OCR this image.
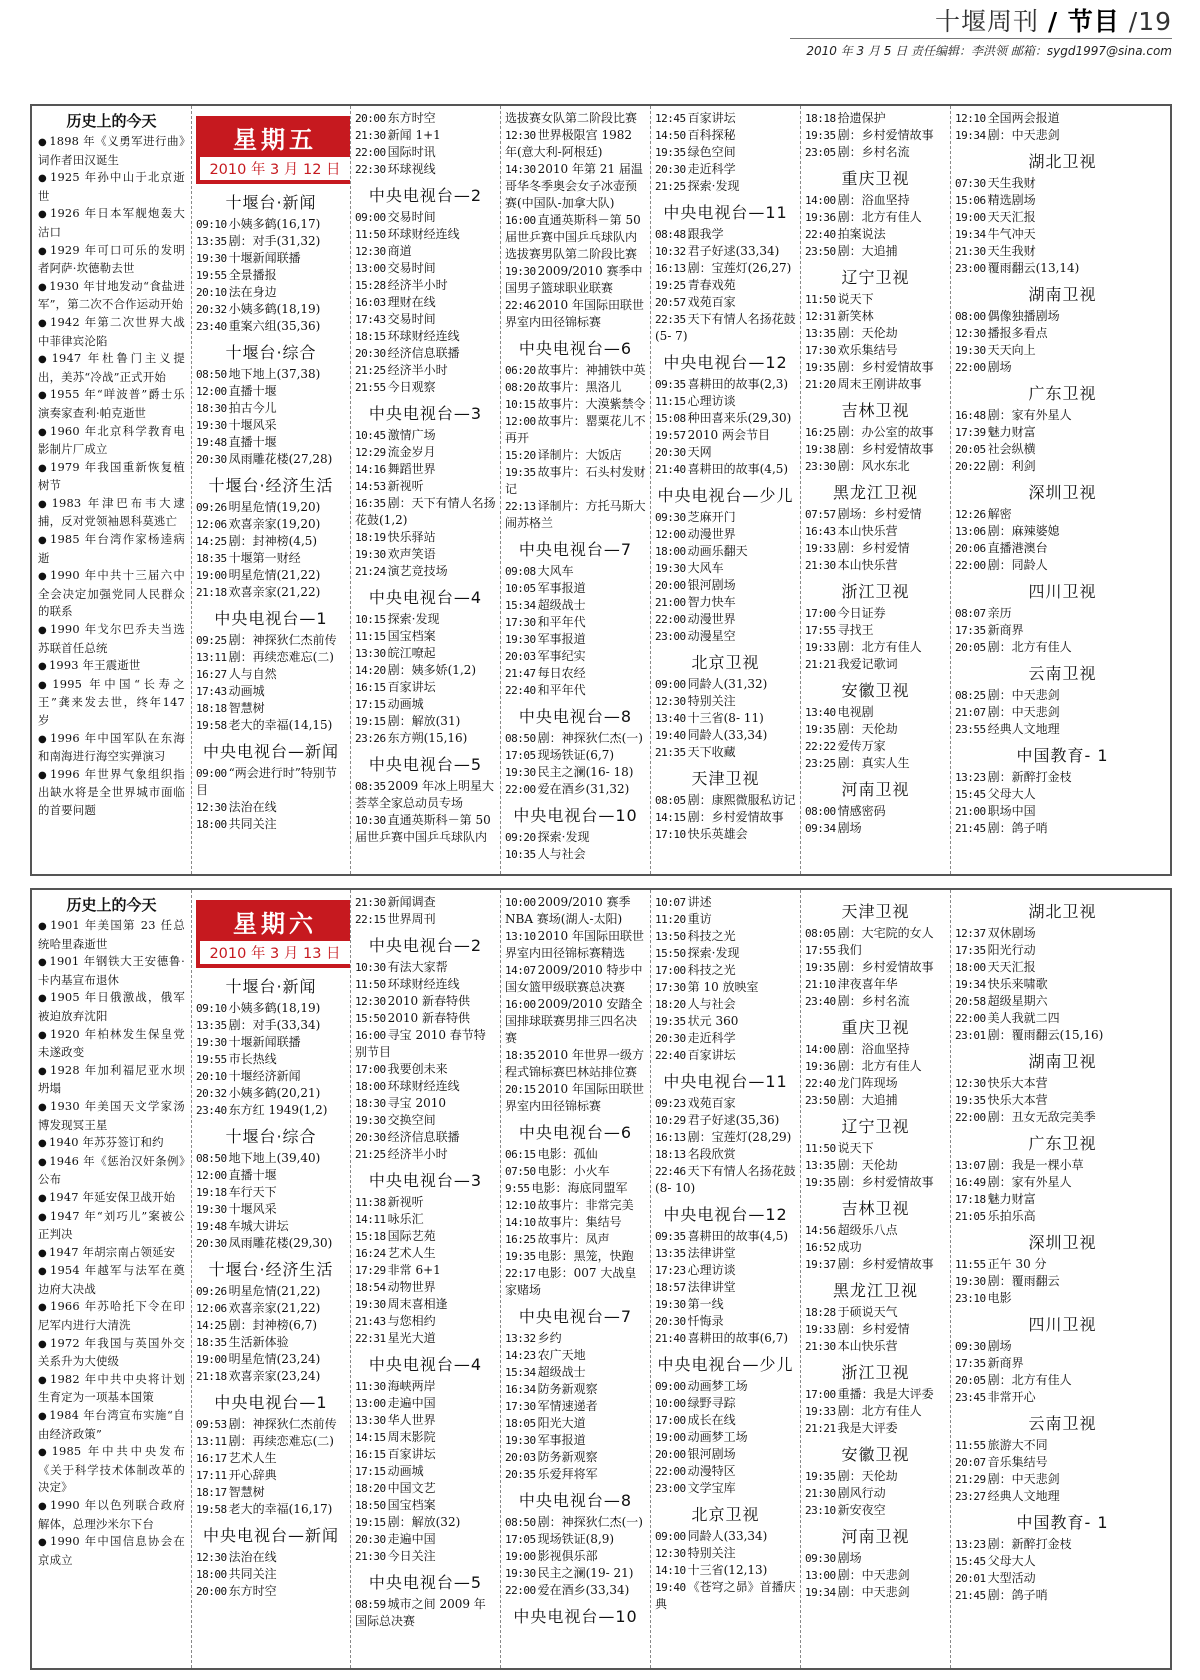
十堰周刊 / 节目 /19
2010 年 3 月 5 日 责任编辑：李洪领 邮箱：sygd1997@sina.com
历史上的今天
● 1898 年《义勇军进行曲》词作者田汉诞生
● 1925 年孙中山于北京逝世
● 1926 年日本军舰炮轰大沽口
● 1929 年可口可乐的发明者阿萨·坎德勒去世
● 1930 年甘地发动“食盐进军”，第二次不合作运动开始
● 1942 年第二次世界大战中菲律宾沦陷
● 1947 年杜鲁门主义提出，美苏“冷战”正式开始
● 1955 年“咩波普”爵士乐演奏家查利·帕克逝世
● 1960 年北京科学教育电影制片厂成立
● 1979 年我国重新恢复植树节
● 1983 年津巴布韦大逮捕，反对党领袖恩科莫逃亡
● 1985 年台湾作家杨逵病逝
● 1990 年中共十三届六中全会决定加强党同人民群众的联系
● 1990 年戈尔巴乔夫当选苏联首任总统
● 1993 年王震逝世
● 1995 年中国“长寿之王”龚来发去世，终年147 岁
● 1996 年中国军队在东海和南海进行海空实弹演习
● 1996 年世界气象组织指出缺水将是全世界城市面临的首要问题
星期五
2010 年 3 月 12 日
十堰台·新闻
09:10 小姨多鹤(16,17)
13:35 剧：对手(31,32)
19:30 十堰新闻联播
19:55 全景播报
20:10 法在身边
20:32 小姨多鹤(18,19)
23:40 重案六组(35,36)
十堰台·综合
08:50 地下地上(37,38)
12:00 直播十堰
18:30 拍古今儿
19:30 十堰风采
19:48 直播十堰
20:30 凤雨雕花楼(27,28)
十堰台·经济生活
09:26 明星危情(19,20)
12:06 欢喜亲家(19,20)
14:25 剧：封神榜(4,5)
18:35 十堰第一财经
19:00 明星危情(21,22)
21:18 欢喜亲家(21,22)
中央电视台—1
09:25 剧：神探狄仁杰前传
13:11 剧：再续恋难忘(二)
16:27 人与自然
17:43 动画城
18:18 智慧树
19:58 老大的幸福(14,15)
中央电视台—新闻
09:00 “两会进行时”特别节目
12:30 法治在线
18:00 共同关注
20:00 东方时空
21:30 新闻 1+1
22:00 国际时讯
22:30 环球视线
中央电视台—2
09:00 交易时间
11:50 环球财经连线
12:30 商道
13:00 交易时间
15:28 经济半小时
16:03 理财在线
17:43 交易时间
18:15 环球财经连线
20:30 经济信息联播
21:25 经济半小时
21:55 今日观察
中央电视台—3
10:45 激情广场
12:29 流金岁月
14:16 舞蹈世界
14:53 新视听
16:35 剧：天下有情人名扬花鼓(1,2)
18:19 快乐驿站
19:30 欢声笑语
21:24 演艺竞技场
中央电视台—4
10:15 探索·发现
11:15 国宝档案
13:30 皖江嘹起
14:20 剧：姨多娇(1,2)
16:15 百家讲坛
17:15 动画城
19:15 剧：解放(31)
23:26 东方朔(15,16)
中央电视台—5
08:35 2009 年冰上明星大荟萃全家总动员专场
10:30 直通英斯科－第 50 届世乒赛中国乒乓球队内
选拔赛女队第二阶段比赛
12:30 世界极限宫 1982 年(意大利-阿根廷)
14:30 2010 年第 21 届温哥华冬季奥会女子冰壶预赛(中国队-加拿大队)
16:00 直通英斯科－第 50 届世乒赛中国乒乓球队内选拔赛男队第二阶段比赛
19:30 2009/2010 赛季中国男子篮球职业联赛
22:46 2010 年国际田联世界室内田径锦标赛
中央电视台—6
06:20 故事片：神捕铁中英
08:20 故事片：黑洛儿
10:15 故事片：大漠紫禁令
12:00 故事片：罂粟花儿不再开
15:20 译制片：大饭店
19:35 故事片：石头村发财记
22:13 译制片：方托马斯大闹苏格兰
中央电视台—7
09:08 大风车
10:05 军事报道
15:34 超级战士
17:30 和平年代
19:30 军事报道
20:03 军事纪实
21:47 每日农经
22:40 和平年代
中央电视台—8
08:50 剧：神探狄仁杰(一)
17:05 现场铁证(6,7)
19:30 民主之澜(16- 18)
22:00 爱在酒乡(31,32)
中央电视台—10
09:20 探索·发现
10:35 人与社会
12:45 百家讲坛
14:50 百科探秘
19:35 绿色空间
20:30 走近科学
21:25 探索·发现
中央电视台—11
08:48 跟我学
10:32 君子好逑(33,34)
16:13 剧：宝莲灯(26,27)
19:25 青春戏苑
20:57 戏苑百家
22:35 天下有情人名扬花鼓(5- 7)
中央电视台—12
09:35 喜耕田的故事(2,3)
11:15 心理访谈
15:08 种田喜来乐(29,30)
19:57 2010 两会节目
20:30 天网
21:40 喜耕田的故事(4,5)
中央电视台—少儿
09:30 芝麻开门
12:00 动漫世界
18:00 动画乐翻天
19:30 大风车
20:00 银河剧场
21:00 智力快车
22:00 动漫世界
23:00 动漫星空
北京卫视
09:00 同龄人(31,32)
12:30 特别关注
13:40 十三省(8- 11)
19:40 同龄人(33,34)
21:35 天下收藏
天津卫视
08:05 剧：康熙微服私访记
14:15 剧：乡村爱情故事
17:10 快乐英雄会
18:18 拾遗保护
19:35 剧：乡村爱情故事
23:05 剧：乡村名流
重庆卫视
14:00 剧：浴血坚持
19:36 剧：北方有佳人
22:40 拍案说法
23:50 剧：大追捕
辽宁卫视
11:50 说天下
12:31 新笑林
13:35 剧：天伦劫
17:30 欢乐集结号
19:35 剧：乡村爱情故事
21:20 周末王刚讲故事
吉林卫视
16:25 剧：办公室的故事
19:38 剧：乡村爱情故事
23:30 剧：风水东北
黑龙江卫视
07:57 剧场：乡村爱情
16:43 本山快乐营
19:33 剧：乡村爱情
21:30 本山快乐营
浙江卫视
17:00 今日证券
17:55 寻找王
19:33 剧：北方有佳人
21:21 我爱记歌词
安徽卫视
13:40 电视剧
19:35 剧：天伦劫
22:22 爱传万家
23:25 剧：真实人生
河南卫视
08:00 情感密码
09:34 剧场
12:10 全国两会报道
19:34 剧：中天悲剑
湖北卫视
07:30 天生我财
15:06 精选剧场
19:00 天天汇报
19:34 牛气冲天
21:30 天生我财
23:00 覆雨翻云(13,14)
湖南卫视
08:00 偶像独播剧场
12:30 播报多看点
19:30 天天向上
22:00 剧场
广东卫视
16:48 剧：家有外星人
17:39 魅力财富
20:05 社会纵横
20:22 剧：利剑
深圳卫视
12:26 解密
13:06 剧：麻辣婆媳
20:06 直播港澳台
22:00 剧：同龄人
四川卫视
08:07 亲历
17:35 新商界
20:05 剧：北方有佳人
云南卫视
08:25 剧：中天悲剑
21:07 剧：中天悲剑
23:55 经典人文地理
中国教育- 1
13:23 剧：新醉打金枝
15:45 父母大人
21:00 职场中国
21:45 剧：鸽子哨
历史上的今天
● 1901 年美国第 23 任总统哈里森逝世
● 1901 年钢铁大王安德鲁·卡内基宣布退休
● 1905 年日俄激战，俄军被迫放弃沈阳
● 1920 年柏林发生保皇党未遂政变
● 1928 年加利福尼亚水坝坍塌
● 1930 年美国天文学家汤博发现冥王星
● 1940 年苏芬签订和约
● 1946 年《惩治汉奸条例》公布
● 1947 年延安保卫战开始
● 1947 年“刘巧儿”案被公正判决
● 1947 年胡宗南占领延安
● 1954 年越军与法军在奠边府大决战
● 1966 年苏哈托下令在印尼军内进行大清洗
● 1972 年我国与英国外交关系升为大使级
● 1982 年中共中央将计划生育定为一项基本国策
● 1984 年台湾宣布实施“自由经济政策”
● 1985 年中共中央发布《关于科学技术体制改革的决定》
● 1990 年以色列联合政府解体，总理沙米尔下台
● 1990 年中国信息协会在京成立
星期六
2010 年 3 月 13 日
十堰台·新闻
09:10 小姨多鹤(18,19)
13:35 剧：对手(33,34)
19:30 十堰新闻联播
19:55 市长热线
20:10 十堰经济新闻
20:32 小姨多鹤(20,21)
23:40 东方红 1949(1,2)
十堰台·综合
08:50 地下地上(39,40)
12:00 直播十堰
19:18 车行天下
19:30 十堰风采
19:48 车城大讲坛
20:30 凤雨雕花楼(29,30)
十堰台·经济生活
09:26 明星危情(21,22)
12:06 欢喜亲家(21,22)
14:25 剧：封神榜(6,7)
18:35 生活新体验
19:00 明星危情(23,24)
21:18 欢喜亲家(23,24)
中央电视台—1
09:53 剧：神探狄仁杰前传
13:11 剧：再续恋难忘(二)
16:17 艺术人生
17:11 开心辞典
18:17 智慧树
19:58 老大的幸福(16,17)
中央电视台—新闻
12:30 法治在线
18:00 共同关注
20:00 东方时空
21:30 新闻调查
22:15 世界周刊
中央电视台—2
10:30 有法大家帮
11:50 环球财经连线
12:30 2010 新春特供
15:50 2010 新春特供
16:00 寻宝 2010 春节特别节目
17:00 我要创未来
18:00 环球财经连线
18:30 寻宝 2010
19:30 交换空间
20:30 经济信息联播
21:25 经济半小时
中央电视台—3
11:38 新视听
14:11 咏乐汇
15:18 国际艺苑
16:24 艺术人生
17:29 非常 6+1
18:54 动物世界
19:30 周末喜相逢
21:43 与您相约
22:31 星光大道
中央电视台—4
11:30 海峡两岸
13:00 走遍中国
13:30 华人世界
14:15 周末影院
16:15 百家讲坛
17:15 动画城
18:20 中国文艺
18:50 国宝档案
19:15 剧：解放(32)
20:30 走遍中国
21:30 今日关注
中央电视台—5
08:59 城市之间 2009 年国际总决赛
10:00 2009/2010 赛季 NBA 赛场(湖人-太阳)
13:10 2010 年国际田联世界室内田径锦标赛精选
14:07 2009/2010 特步中国女篮甲级联赛总决赛
16:00 2009/2010 安踏全国排球联赛男排三四名决赛
18:35 2010 年世界一级方程式锦标赛巴林站排位赛
20:15 2010 年国际田联世界室内田径锦标赛
中央电视台—6
06:15 电影：孤仙
07:50 电影：小火车
9:55 电影：海底同盟军
12:10 故事片：非常完美
14:10 故事片：集结号
16:25 故事片：凤声
19:35 电影：黑笼，快跑
22:17 电影：007 大战皇家赌场
中央电视台—7
13:32 乡约
14:23 农广天地
15:34 超级战士
16:34 防务新观察
17:30 军情速递者
18:05 阳光大道
19:30 军事报道
20:03 防务新观察
20:35 乐爱拜将军
中央电视台—8
08:50 剧：神探狄仁杰(一)
17:05 现场铁证(8,9)
19:00 影视俱乐部
19:30 民主之澜(19- 21)
22:00 爱在酒乡(33,34)
中央电视台—10
10:07 讲述
11:20 重访
13:50 科技之光
15:50 探索·发现
17:00 科技之光
17:30 第 10 放映室
18:20 人与社会
19:35 状元 360
20:30 走近科学
22:40 百家讲坛
中央电视台—11
09:23 戏苑百家
10:29 君子好逑(35,36)
16:13 剧：宝莲灯(28,29)
18:13 名段欣赏
22:46 天下有情人名扬花鼓(8- 10)
中央电视台—12
09:35 喜耕田的故事(4,5)
13:35 法律讲堂
17:23 心理访谈
18:57 法律讲堂
19:30 第一线
20:30 忏悔录
21:40 喜耕田的故事(6,7)
中央电视台—少儿
09:00 动画梦工场
10:00 绿野寻踪
17:00 成长在线
19:00 动画梦工场
20:00 银河剧场
22:00 动漫特区
23:00 文学宝库
北京卫视
09:00 同龄人(33,34)
12:30 特别关注
14:10 十三省(12,13)
19:40 《苍穹之昴》首播庆典
天津卫视
08:05 剧：大宅院的女人
17:55 我们
19:35 剧：乡村爱情故事
21:10 津夜喜年华
23:40 剧：乡村名流
重庆卫视
14:00 剧：浴血坚持
19:36 剧：北方有佳人
22:40 龙门阵现场
23:50 剧：大追捕
辽宁卫视
11:50 说天下
13:35 剧：天伦劫
19:35 剧：乡村爱情故事
吉林卫视
14:56 超级乐八点
16:52 成功
19:37 剧：乡村爱情故事
黑龙江卫视
18:28 于硕说天气
19:33 剧：乡村爱情
21:30 本山快乐营
浙江卫视
17:00 重播：我是大评委
19:33 剧：北方有佳人
21:21 我是大评委
安徽卫视
19:35 剧：天伦劫
21:30 剧风行动
23:10 新安夜空
河南卫视
09:30 剧场
13:00 剧：中天悲剑
19:34 剧：中天悲剑
湖北卫视
12:37 双休剧场
17:35 阳光行动
18:00 天天汇报
19:34 快乐来啸歌
20:58 超级星期六
22:00 美人我就二四
23:01 剧：覆雨翻云(15,16)
湖南卫视
12:30 快乐大本营
19:35 快乐大本营
22:00 剧：丑女无敌完美季
广东卫视
13:07 剧：我是一棵小草
16:49 剧：家有外星人
17:18 魅力财富
21:05 乐拍乐高
深圳卫视
11:55 正午 30 分
19:30 剧：覆雨翻云
23:10 电影
四川卫视
09:30 剧场
17:35 新商界
20:05 剧：北方有佳人
23:45 非常开心
云南卫视
11:55 旅游大不同
20:07 音乐集结号
21:29 剧：中天悲剑
23:27 经典人文地理
中国教育- 1
13:23 剧：新醉打金枝
15:45 父母大人
20:01 大型活动
21:45 剧：鸽子哨
